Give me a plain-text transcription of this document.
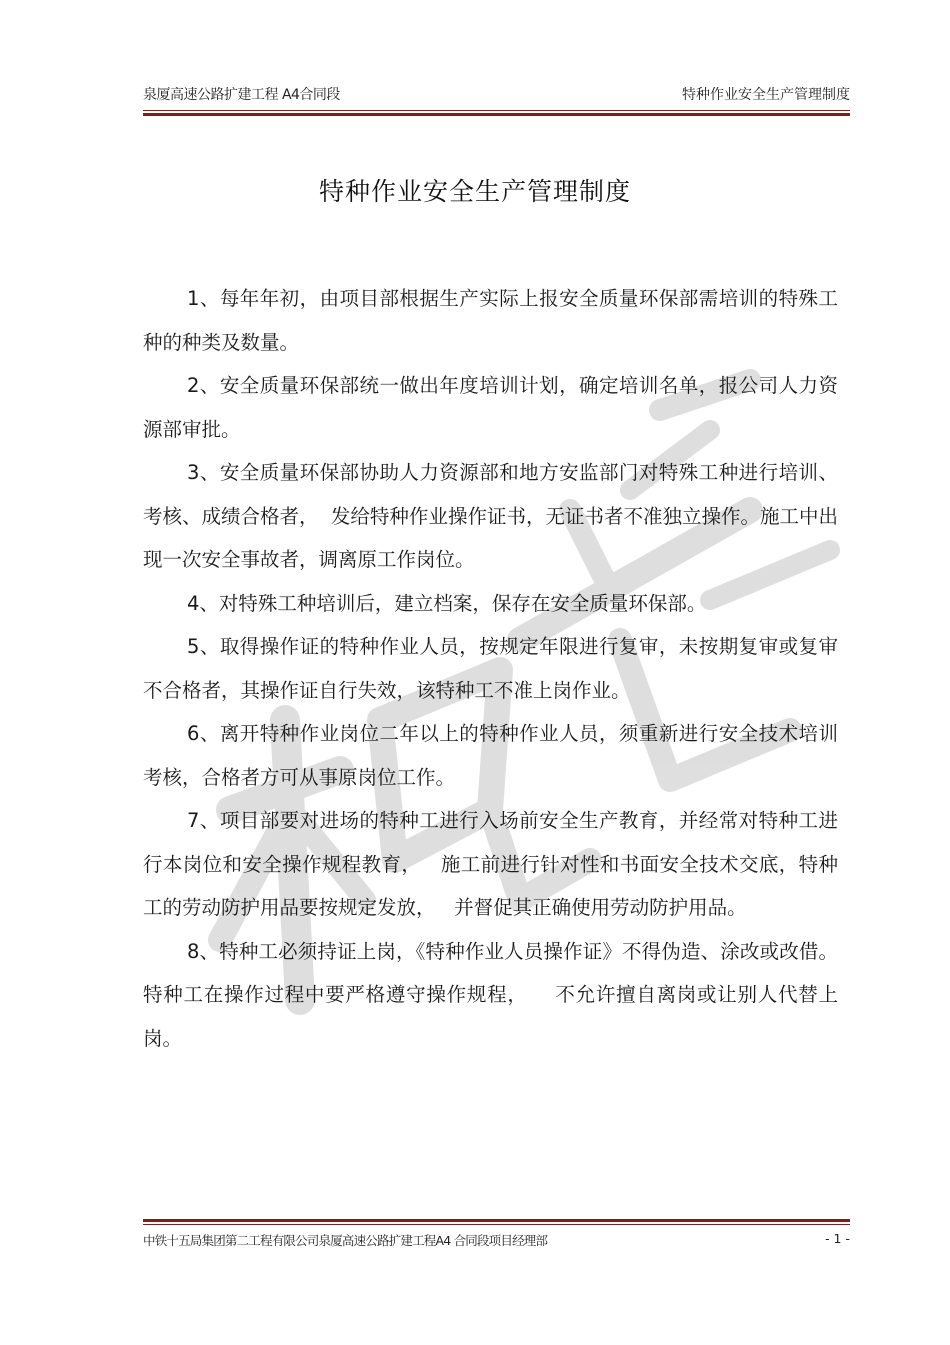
泉厦高速公路扩建工程 A4合同段	特种作业安全生产管理制度
特种作业安全生产管理制度

1、每年年初，由项目部根据生产实际上报安全质量环保部需培训的特殊工种的种类及数量。

2、安全质量环保部统一做出年度培训计划，确定培训名单，报公司人力资源部审批。

3、安全质量环保部协助人力资源部和地方安监部门对特殊工种进行培训、考核、成绩合格者，  发给特种作业操作证书，无证书者不准独立操作。施工中出现一次安全事故者，调离原工作岗位。

4、对特殊工种培训后，建立档案，保存在安全质量环保部。

5、取得操作证的特种作业人员，按规定年限进行复审，未按期复审或复审不合格者，其操作证自行失效，该特种工不准上岗作业。

6、离开特种作业岗位二年以上的特种作业人员，须重新进行安全技术培训考核，合格者方可从事原岗位工作。

7、项目部要对进场的特种工进行入场前安全生产教育，并经常对特种工进行本岗位和安全操作规程教育，   施工前进行针对性和书面安全技术交底，特种工的劳动防护用品要按规定发放，   并督促其正确使用劳动防护用品。

8、特种工必须持证上岗，《特种作业人员操作证》不得伪造、涂改或改借。特种工在操作过程中要严格遵守操作规程，    不允许擅自离岗或让别人代替上岗。

中铁十五局集团第二工程有限公司泉厦高速公路扩建工程A4 合同段项目经理部	- 1 -
